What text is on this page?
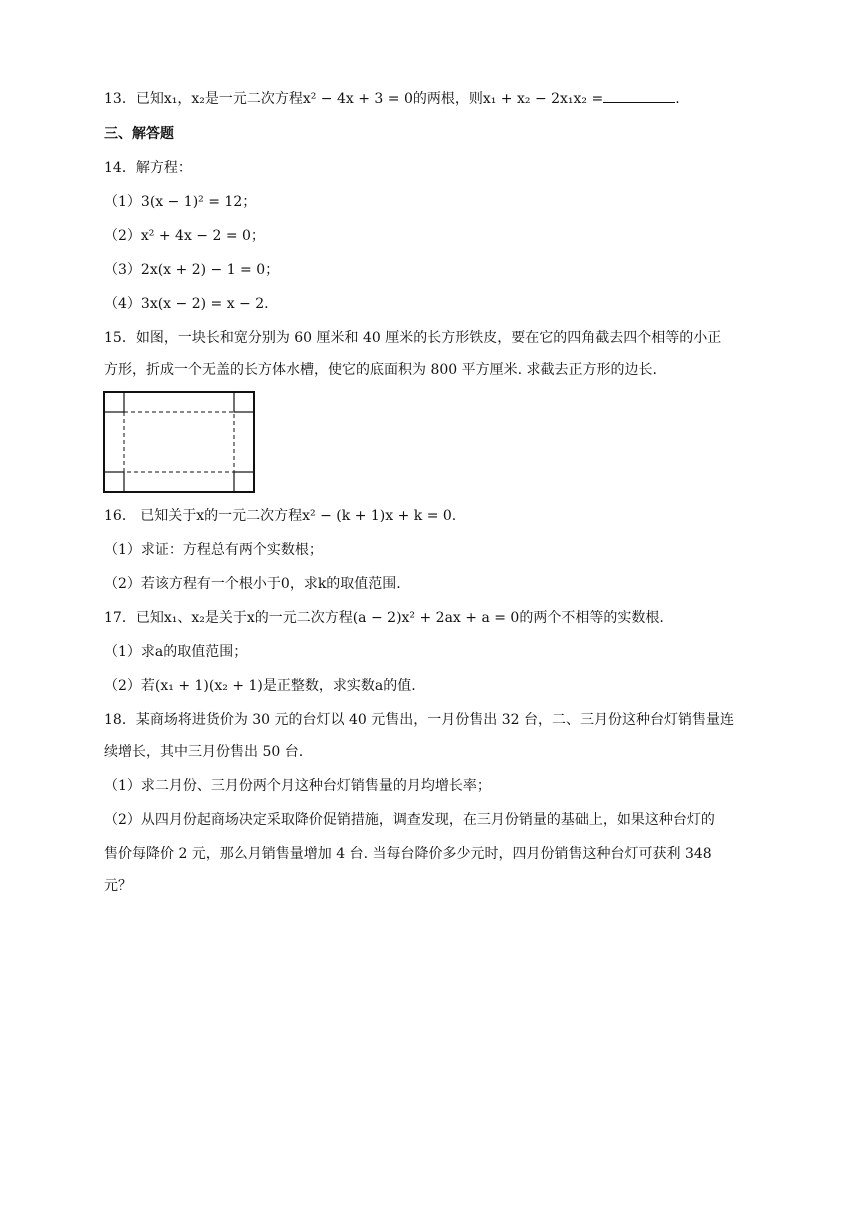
13．已知x₁，x₂是一元二次方程x² − 4x + 3 = 0的两根，则x₁ + x₂ − 2x₁x₂ =	.
三、解答题
14．解方程：
（1）3(x − 1)² = 12；
（2）x² + 4x − 2 = 0；
（3）2x(x + 2) − 1 = 0；
（4）3x(x − 2) = x − 2.
15．如图，一块长和宽分别为 60 厘米和 40 厘米的长方形铁皮，要在它的四角截去四个相等的小正
方形，折成一个无盖的长方体水槽，使它的底面积为 800 平方厘米. 求截去正方形的边长.
16． 已知关于x的一元二次方程x² − (k + 1)x + k = 0.
（1）求证：方程总有两个实数根；
（2）若该方程有一个根小于0，求k的取值范围.
17．已知x₁、x₂是关于x的一元二次方程(a − 2)x² + 2ax + a = 0的两个不相等的实数根.
（1）求a的取值范围；
（2）若(x₁ + 1)(x₂ + 1)是正整数，求实数a的值.
18．某商场将进货价为 30 元的台灯以 40 元售出，一月份售出 32 台，二、三月份这种台灯销售量连
续增长，其中三月份售出 50 台.
（1）求二月份、三月份两个月这种台灯销售量的月均增长率；
（2）从四月份起商场决定采取降价促销措施，调查发现，在三月份销量的基础上，如果这种台灯的
售价每降价 2 元，那么月销售量增加 4 台. 当每台降价多少元时，四月份销售这种台灯可获利 348
元？
